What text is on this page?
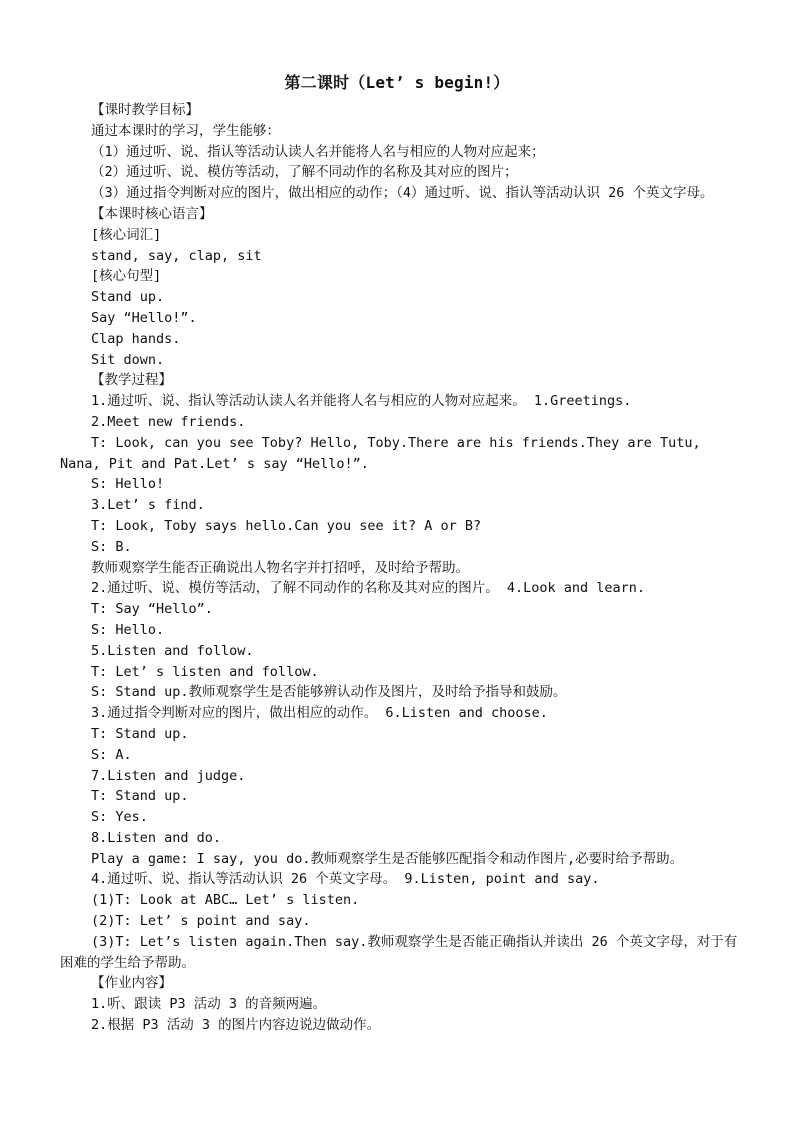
第二课时（Let’ s begin!）
【课时教学目标】
通过本课时的学习，学生能够：
（1）通过听、说、指认等活动认读人名并能将人名与相应的人物对应起来；
（2）通过听、说、模仿等活动，了解不同动作的名称及其对应的图片；
（3）通过指令判断对应的图片，做出相应的动作；（4）通过听、说、指认等活动认识 26 个英文字母。
【本课时核心语言】
[核心词汇]
stand, say, clap, sit
[核心句型]
Stand up.
Say “Hello!”.
Clap hands.
Sit down.
【教学过程】
1.通过听、说、指认等活动认读人名并能将人名与相应的人物对应起来。 1.Greetings.
2.Meet new friends.
T: Look, can you see Toby? Hello, Toby.There are his friends.They are Tutu, Nana, Pit and Pat.Let’ s say “Hello!”.
S: Hello!
3.Let’ s find.
T: Look, Toby says hello.Can you see it? A or B?
S: B.
教师观察学生能否正确说出人物名字并打招呼，及时给予帮助。
2.通过听、说、模仿等活动，了解不同动作的名称及其对应的图片。 4.Look and learn.
T: Say “Hello”.
S: Hello.
5.Listen and follow.
T: Let’ s listen and follow.
S: Stand up.教师观察学生是否能够辨认动作及图片，及时给予指导和鼓励。
3.通过指令判断对应的图片，做出相应的动作。 6.Listen and choose.
T: Stand up.
S: A.
7.Listen and judge.
T: Stand up.
S: Yes.
8.Listen and do.
Play a game: I say, you do.教师观察学生是否能够匹配指令和动作图片,必要时给予帮助。
4.通过听、说、指认等活动认识 26 个英文字母。 9.Listen, point and say.
(1)T: Look at ABC… Let’ s listen.
(2)T: Let’ s point and say.
(3)T: Let’s listen again.Then say.教师观察学生是否能正确指认并读出 26 个英文字母，对于有困难的学生给予帮助。
【作业内容】
1.听、跟读 P3 活动 3 的音频两遍。
2.根据 P3 活动 3 的图片内容边说边做动作。
